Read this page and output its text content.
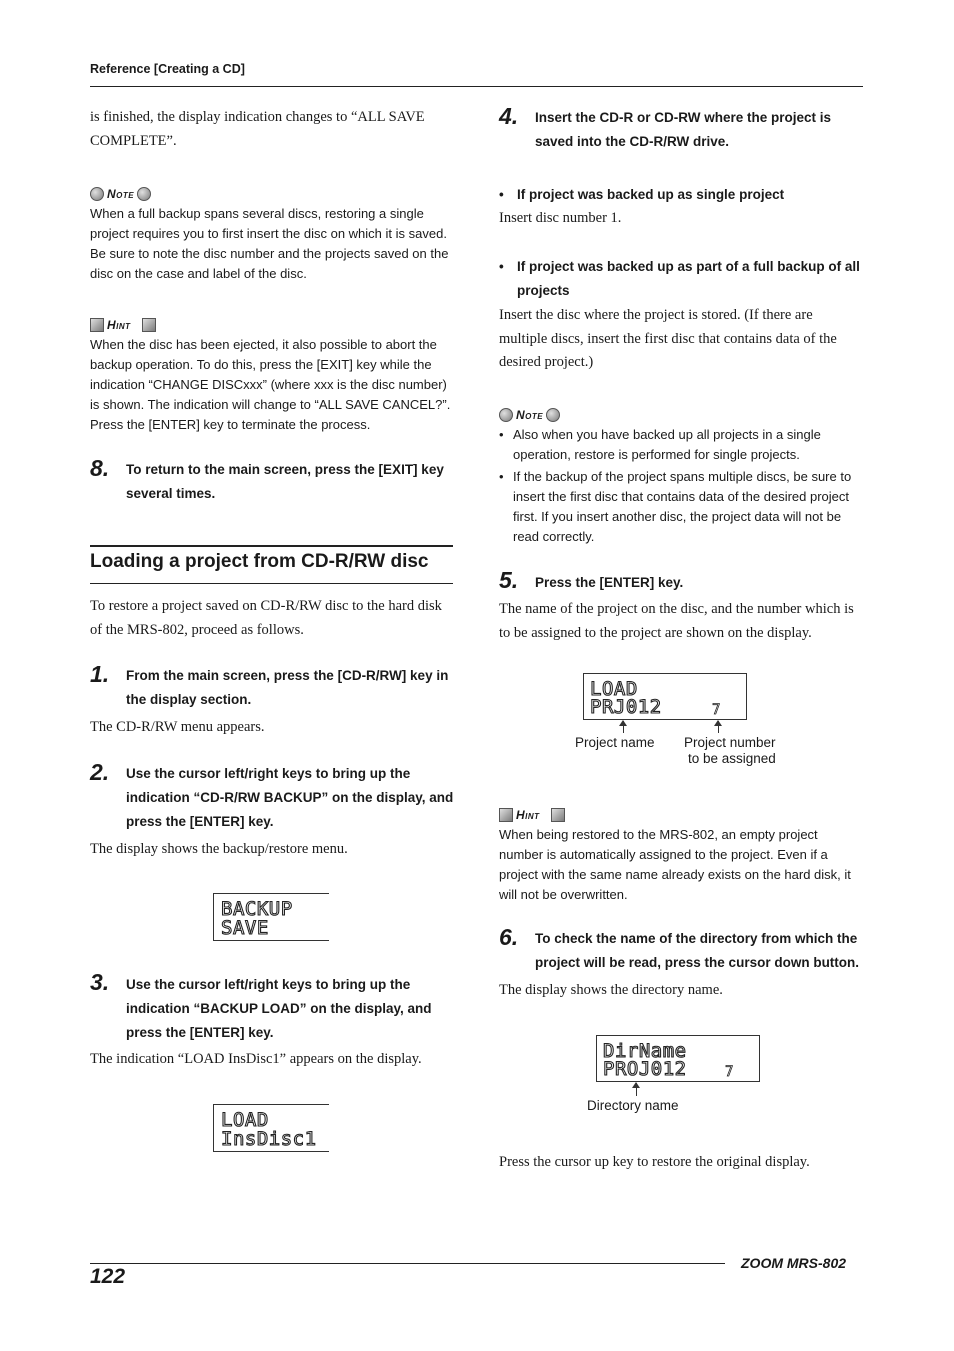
Reference [Creating a CD]
is finished, the display indication changes to “ALL SAVE COMPLETE”.
Note
When a full backup spans several discs, restoring a single project requires you to first insert the disc on which it is saved. Be sure to note the disc number and the projects saved on the disc on the case and label of the disc.
Hint
When the disc has been ejected, it also possible to abort the backup operation. To do this, press the [EXIT] key while the indication “CHANGE DISCxxx” (where xxx is the disc number) is shown. The indication will change to “ALL SAVE CANCEL?”. Press the [ENTER] key to terminate the process.
8. To return to the main screen, press the [EXIT] key several times.
Loading a project from CD-R/RW disc
To restore a project saved on CD-R/RW disc to the hard disk of the MRS-802, proceed as follows.
1. From the main screen, press the [CD-R/RW] key in the display section.
The CD-R/RW menu appears.
2. Use the cursor left/right keys to bring up the indication “CD-R/RW BACKUP” on the display, and press the [ENTER] key.
The display shows the backup/restore menu.
BACKUP
SAVE
3. Use the cursor left/right keys to bring up the indication “BACKUP LOAD” on the display, and press the [ENTER] key.
The indication “LOAD InsDisc1” appears on the display.
LOAD
InsDisc1
4. Insert the CD-R or CD-RW where the project is saved into the CD-R/RW drive.
• If project was backed up as single project
Insert disc number 1.
• If project was backed up as part of a full backup of all projects
Insert the disc where the project is stored. (If there are multiple discs, insert the first disc that contains data of the desired project.)
Note
• Also when you have backed up all projects in a single operation, restore is performed for single projects.
• If the backup of the project spans multiple discs, be sure to insert the first disc that contains data of the desired project first. If you insert another disc, the project data will not be read correctly.
5. Press the [ENTER] key.
The name of the project on the disc, and the number which is to be assigned to the project are shown on the display.
LOAD
PRJ012	7
Project name Project number
to be assigned
Hint
When being restored to the MRS-802, an empty project number is automatically assigned to the project. Even if a project with the same name already exists on the hard disk, it will not be overwritten.
6. To check the name of the directory from which the project will be read, press the cursor down button.
The display shows the directory name.
DirName
PROJ012	7
Directory name
Press the cursor up key to restore the original display.
ZOOM MRS-802
122
